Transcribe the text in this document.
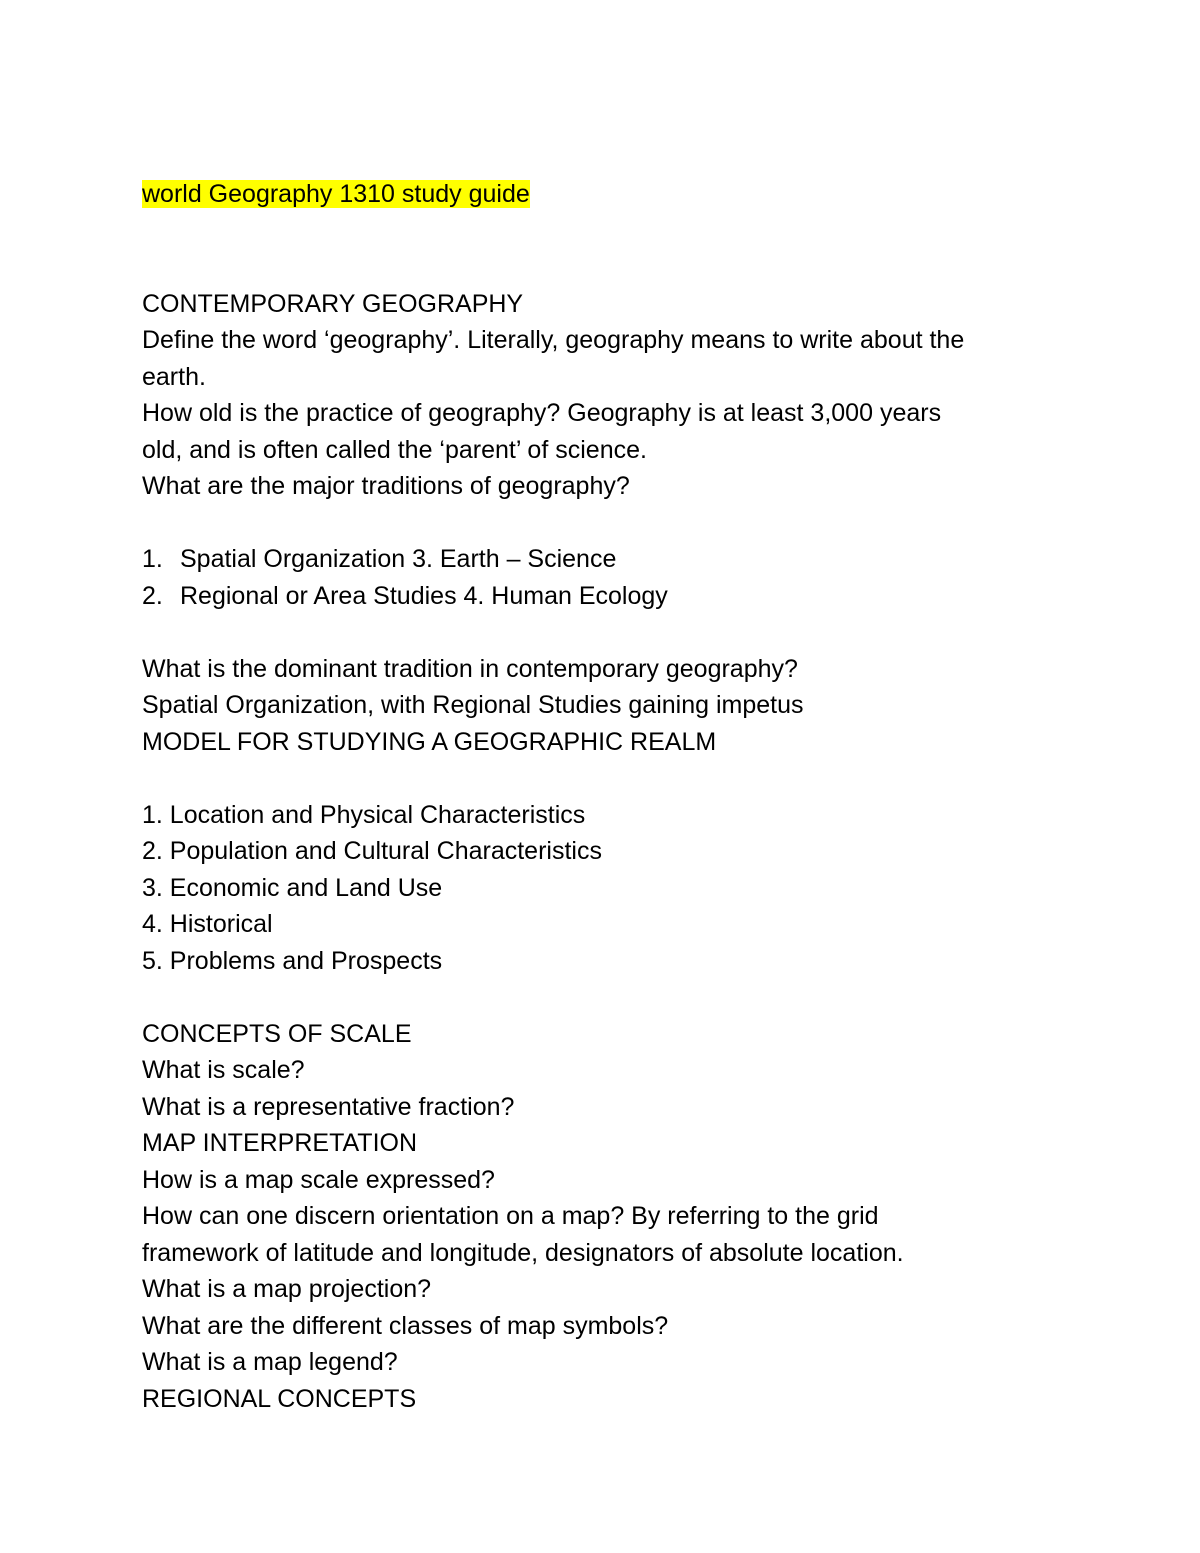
world Geography 1310 study guide

CONTEMPORARY GEOGRAPHY

Define the word ‘geography’. Literally, geography means to write about the

earth.

How old is the practice of geography? Geography is at least 3,000 years

old, and is often called the ‘parent’ of science.

What are the major traditions of geography?

1. Spatial Organization 3. Earth – Science

2. Regional or Area Studies 4. Human Ecology

What is the dominant tradition in contemporary geography?

Spatial Organization, with Regional Studies gaining impetus

MODEL FOR STUDYING A GEOGRAPHIC REALM

1. Location and Physical Characteristics

2. Population and Cultural Characteristics

3. Economic and Land Use

4. Historical

5. Problems and Prospects

CONCEPTS OF SCALE

What is scale?

What is a representative fraction?

MAP INTERPRETATION

How is a map scale expressed?

How can one discern orientation on a map? By referring to the grid

framework of latitude and longitude, designators of absolute location.

What is a map projection?

What are the different classes of map symbols?

What is a map legend?

REGIONAL CONCEPTS
